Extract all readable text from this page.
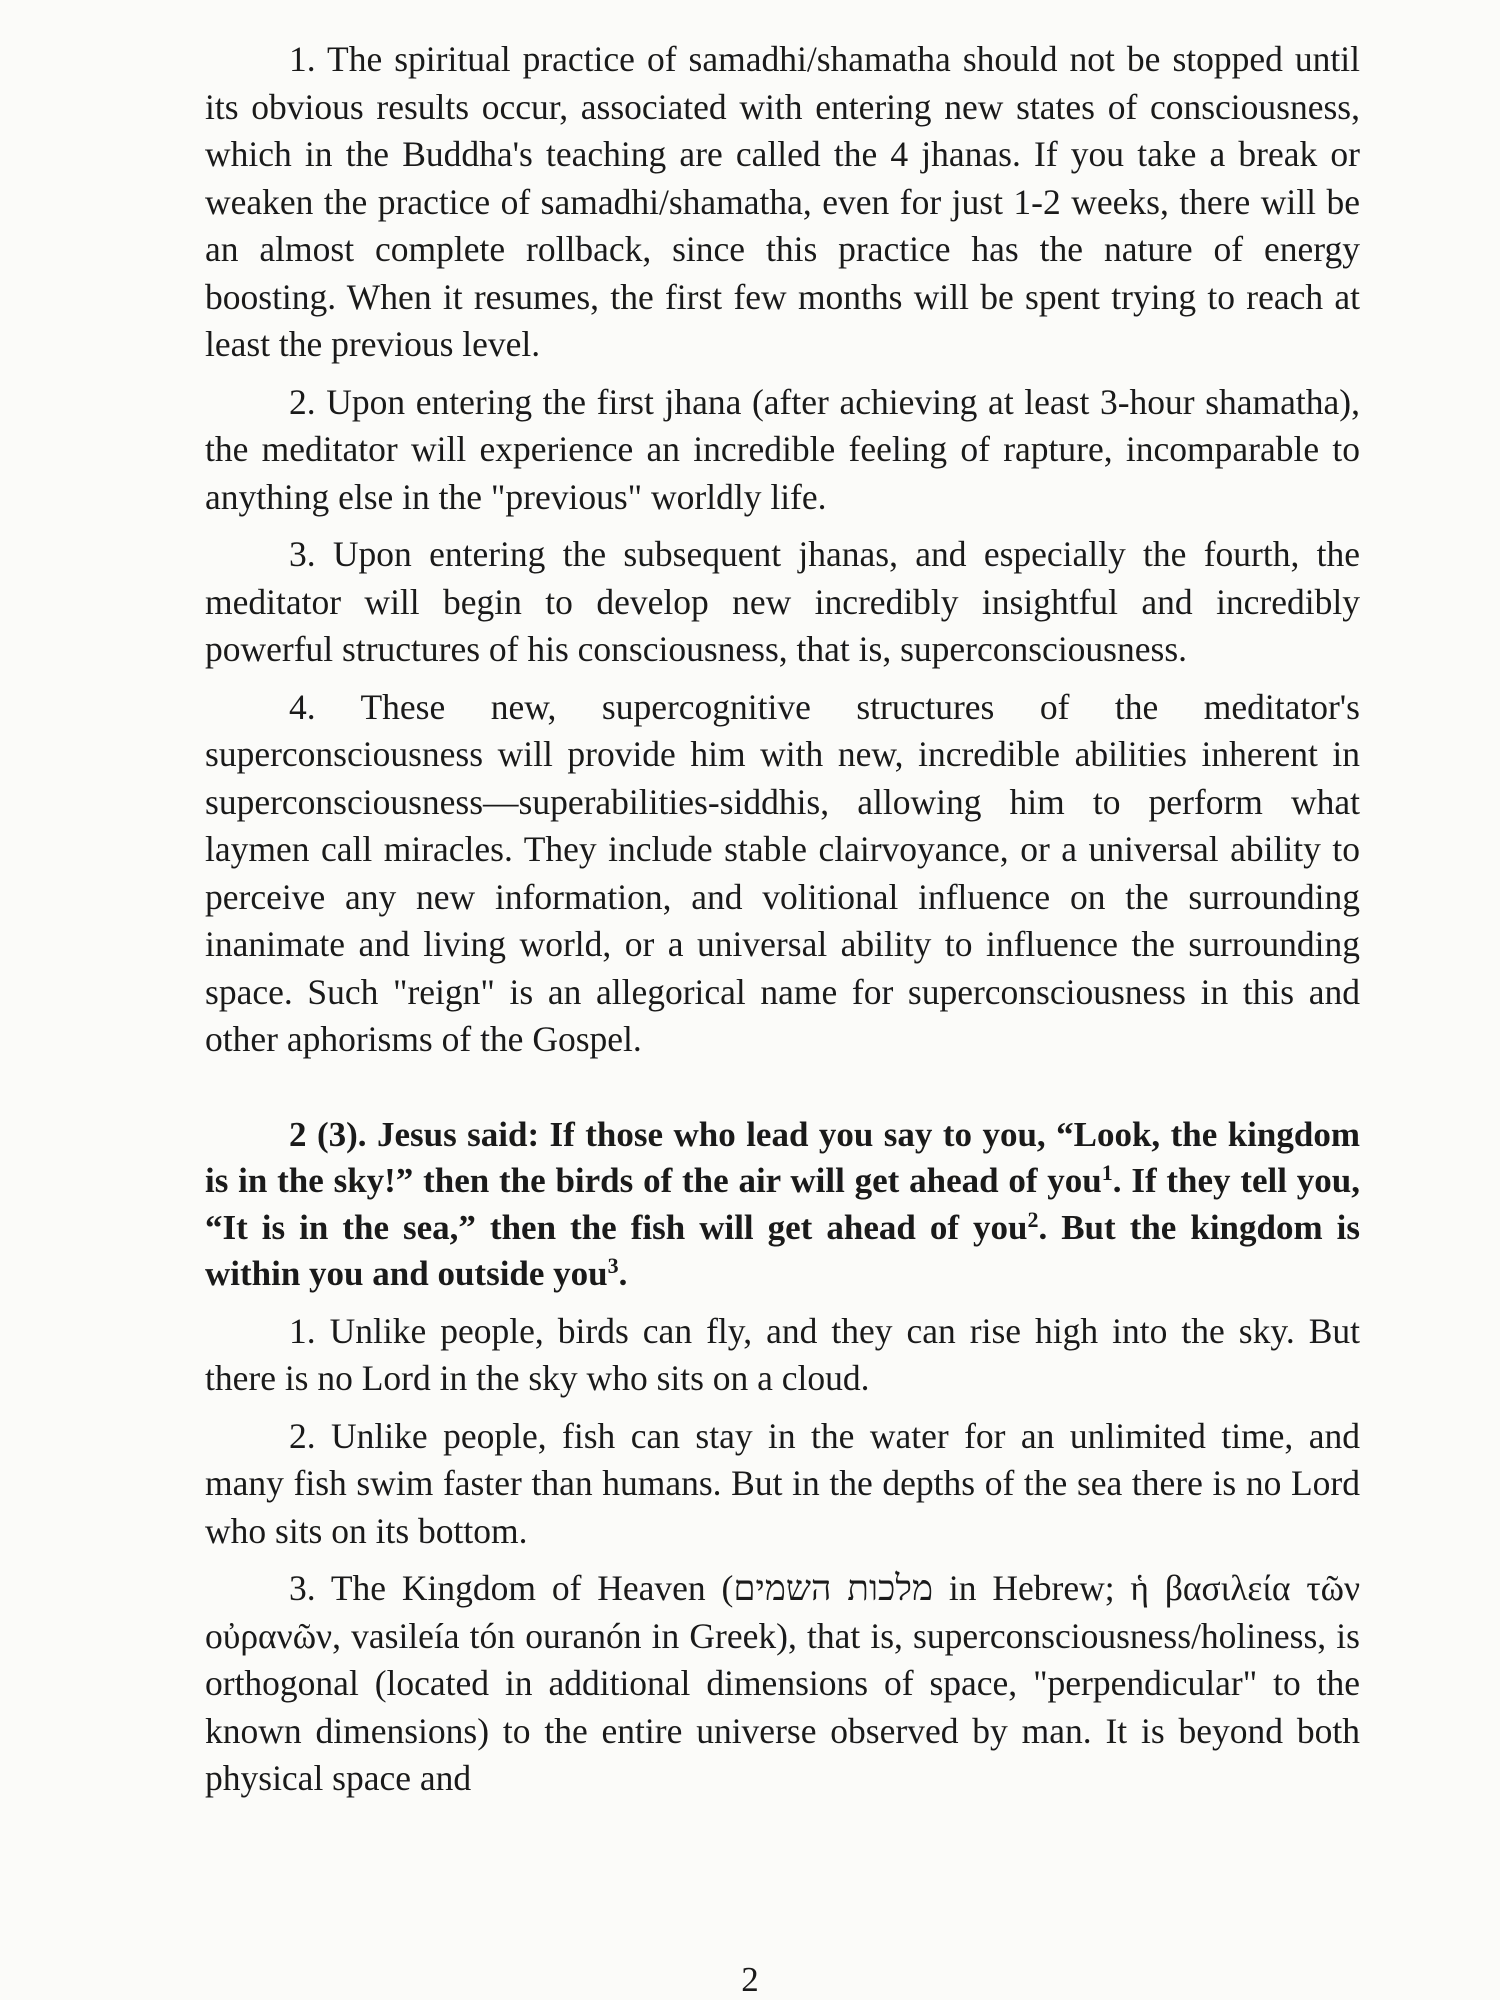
1. The spiritual practice of samadhi/shamatha should not be stopped until its obvious results occur, associated with entering new states of consciousness, which in the Buddha's teaching are called the 4 jhanas. If you take a break or weaken the practice of samadhi/shamatha, even for just 1-2 weeks, there will be an almost complete rollback, since this practice has the nature of energy boosting. When it resumes, the first few months will be spent trying to reach at least the previous level.

2. Upon entering the first jhana (after achieving at least 3-hour shamatha), the meditator will experience an incredible feeling of rapture, incomparable to anything else in the "previous" worldly life.

3. Upon entering the subsequent jhanas, and especially the fourth, the meditator will begin to develop new incredibly insightful and incredibly powerful structures of his consciousness, that is, superconsciousness.

4. These new, supercognitive structures of the meditator's superconsciousness will provide him with new, incredible abilities inherent in superconsciousness—superabilities-siddhis, allowing him to perform what laymen call miracles. They include stable clairvoyance, or a universal ability to perceive any new information, and volitional influence on the surrounding inanimate and living world, or a universal ability to influence the surrounding space. Such "reign" is an allegorical name for superconsciousness in this and other aphorisms of the Gospel.

2 (3). Jesus said: If those who lead you say to you, “Look, the kingdom is in the sky!” then the birds of the air will get ahead of you$^1$. If they tell you, “It is in the sea,” then the fish will get ahead of you$^2$. But the kingdom is within you and outside you$^3$.

1. Unlike people, birds can fly, and they can rise high into the sky. But there is no Lord in the sky who sits on a cloud.

2. Unlike people, fish can stay in the water for an unlimited time, and many fish swim faster than humans. But in the depths of the sea there is no Lord who sits on its bottom.

3. The Kingdom of Heaven (מלכות השמים in Hebrew; ἡ βασιλεία τῶν οὐρανῶν, vasileía tón ouranón in Greek), that is, superconsciousness/holiness, is orthogonal (located in additional dimensions of space, "perpendicular" to the known dimensions) to the entire universe observed by man. It is beyond both physical space and

2
